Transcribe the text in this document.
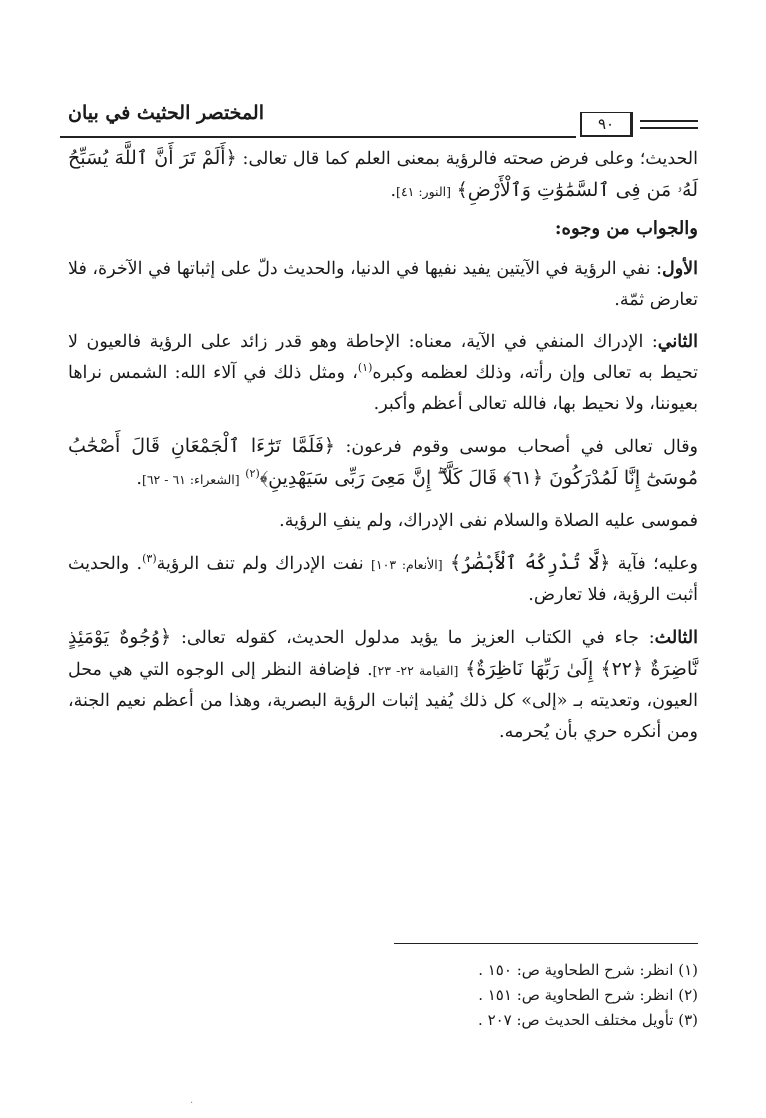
المختصر الحثيث في بيان	٩٠

الحديث؛ وعلى فرض صحته فالرؤية بمعنى العلم كما قال تعالى: ﴿أَلَمْ تَرَ أَنَّ ٱللَّهَ يُسَبِّحُ لَهُۥ مَن فِى ٱلسَّمَٰوَٰتِ وَٱلْأَرْضِ﴾ [النور: ٤١].

والجواب من وجوه:

الأول: نفي الرؤية في الآيتين يفيد نفيها في الدنيا، والحديث دلّ على إثباتها في الآخرة، فلا تعارض ثمّة.

الثاني: الإدراك المنفي في الآية، معناه: الإحاطة وهو قدر زائد على الرؤية فالعيون لا تحيط به تعالى وإن رأته، وذلك لعظمه وكبره$^{(١)}$، ومثل ذلك في آلاء الله: الشمس نراها بعيوننا، ولا نحيط بها، فالله تعالى أعظم وأكبر.

وقال تعالى في أصحاب موسى وقوم فرعون: ﴿فَلَمَّا تَرَٰٓءَا ٱلْجَمْعَانِ قَالَ أَصْحَٰبُ مُوسَىٰٓ إِنَّا لَمُدْرَكُونَ ﴿٦١﴾ قَالَ كَلَّآ ۖ إِنَّ مَعِىَ رَبِّى سَيَهْدِينِ﴾$^{(٢)}$ [الشعراء: ٦١ - ٦٢].

فموسى عليه الصلاة والسلام نفى الإدراك، ولم ينفِ الرؤية.

وعليه؛ فآية ﴿لَّا تُدْرِكُهُ ٱلْأَبْصَٰرُ﴾ [الأنعام: ١٠٣] نفت الإدراك ولم تنف الرؤية$^{(٣)}$. والحديث أثبت الرؤية، فلا تعارض.

الثالث: جاء في الكتاب العزيز ما يؤيد مدلول الحديث، كقوله تعالى: ﴿وُجُوهٌ يَوْمَئِذٍ نَّاضِرَةٌ ﴿٢٢﴾ إِلَىٰ رَبِّهَا نَاظِرَةٌ﴾ [القيامة ٢٢- ٢٣]. فإضافة النظر إلى الوجوه التي هي محل العيون، وتعديته بـ «إلى» كل ذلك يُفيد إثبات الرؤية البصرية، وهذا من أعظم نعيم الجنة، ومن أنكره حري بأن يُحرمه.

(١) انظر: شرح الطحاوية ص: ١٥٠ .

(٢) انظر: شرح الطحاوية ص: ١٥١ .

(٣) تأويل مختلف الحديث ص: ٢٠٧ .

·
